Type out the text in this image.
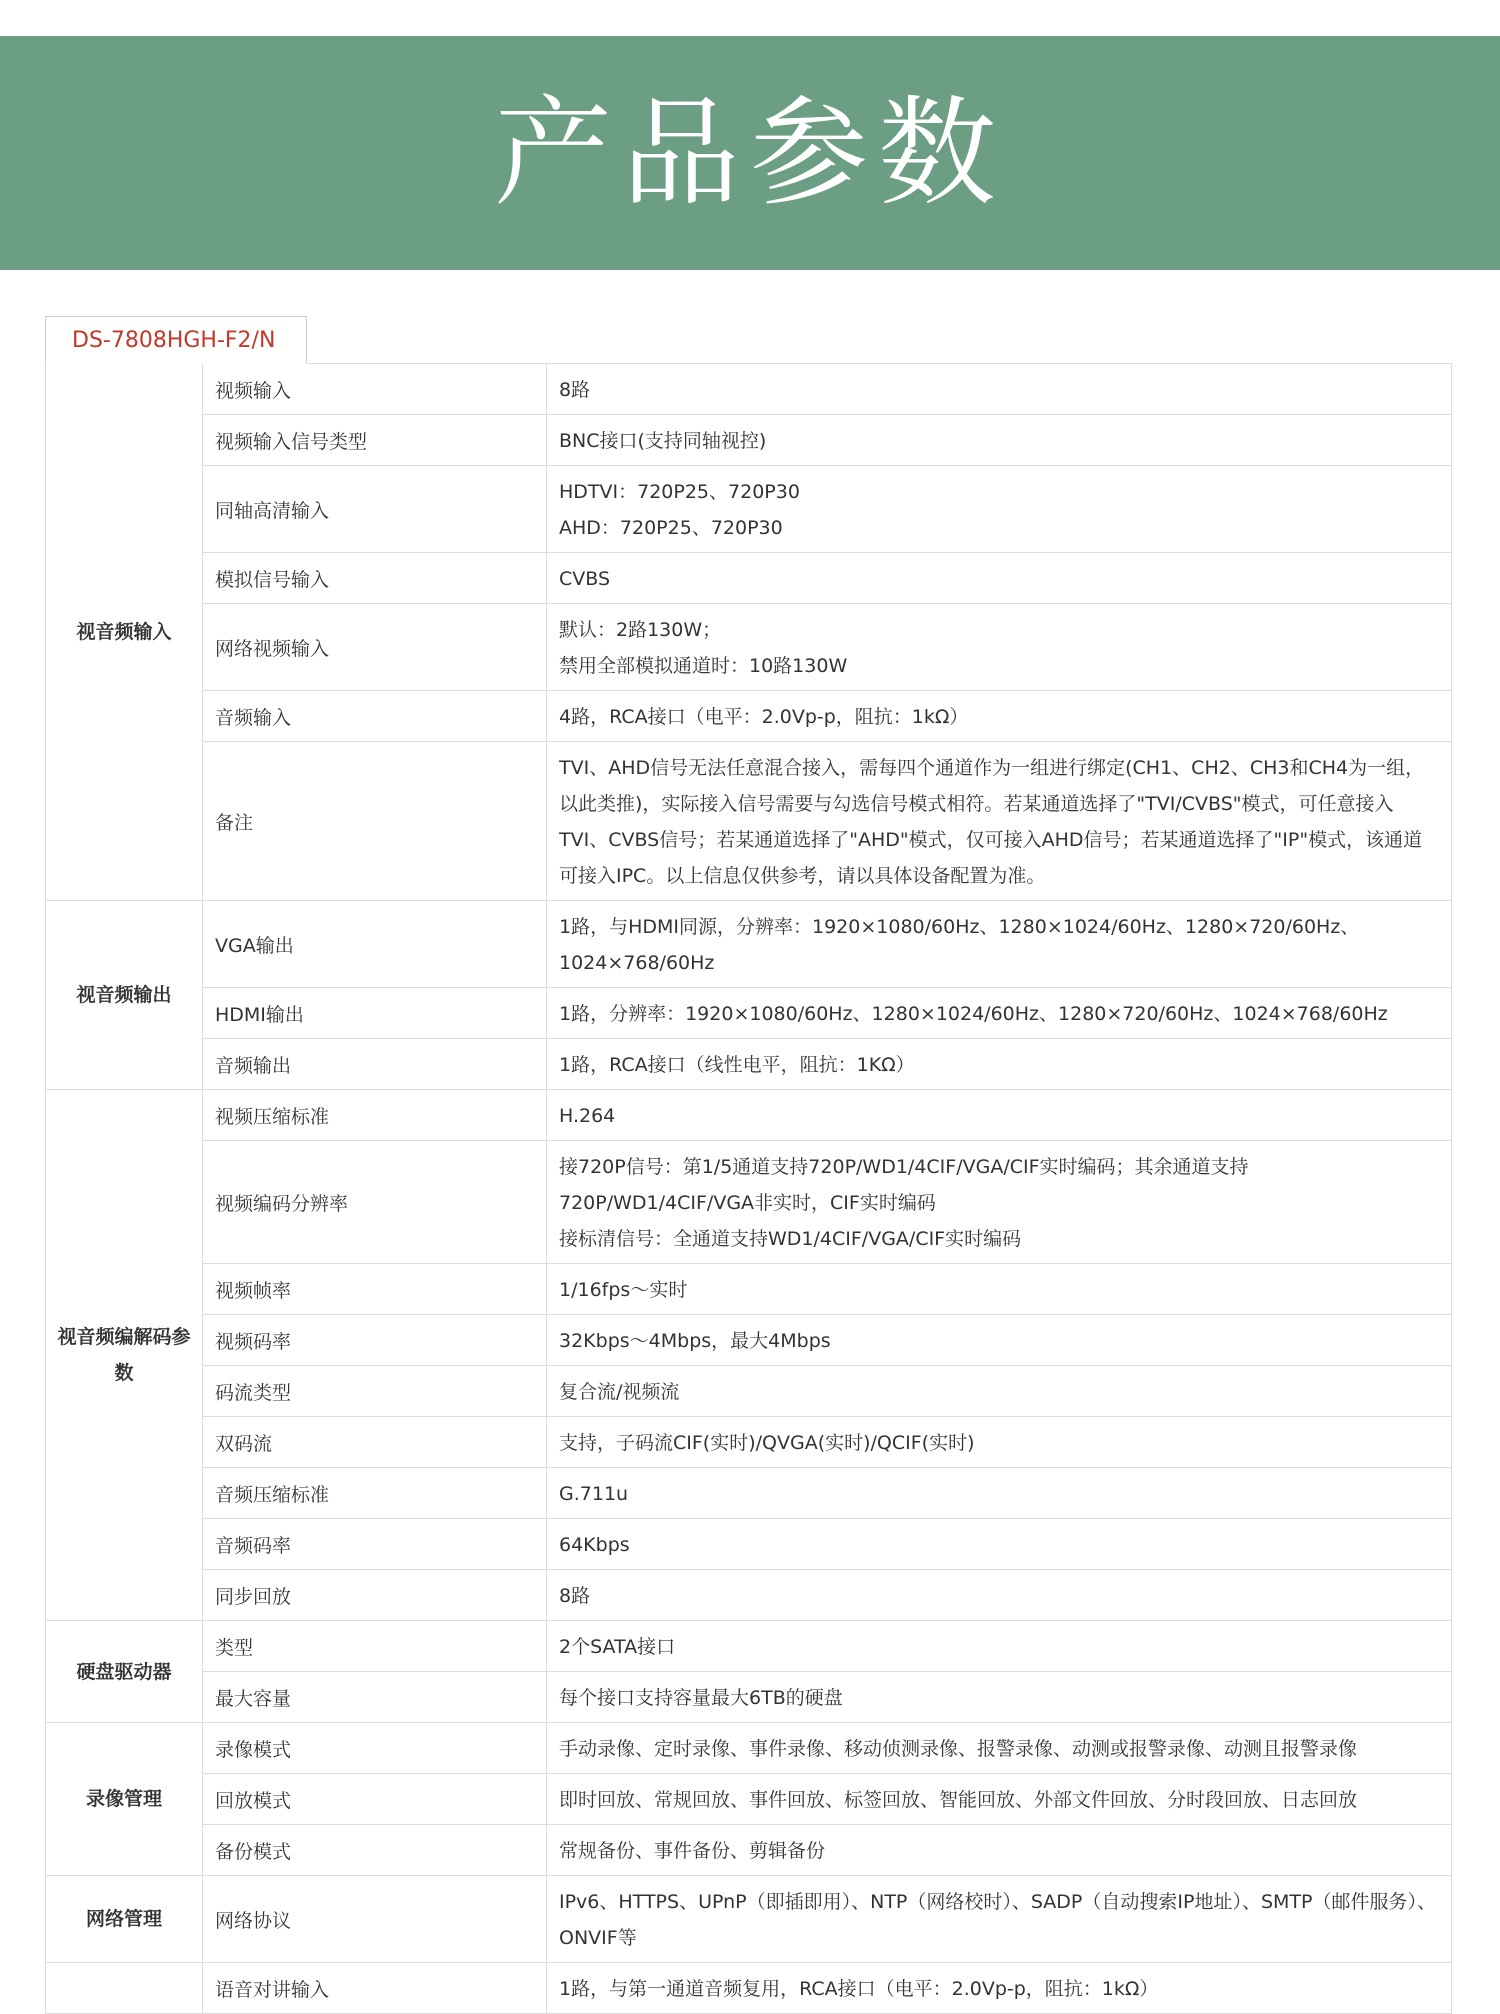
产品参数
DS-7808HGH-F2/N
视音频输入	视频输入	8路

	视频输入信号类型	BNC接口(支持同轴视控)

	同轴高清输入	HDTVI：720P25、720P30
AHD：720P25、720P30

	模拟信号输入	CVBS

	网络视频输入	默认：2路130W；
禁用全部模拟通道时：10路130W

	音频输入	4路，RCA接口（电平：2.0Vp-p，阻抗：1kΩ）

	备注	TVI、AHD信号无法任意混合接入，需每四个通道作为一组进行绑定(CH1、CH2、CH3和CH4为一组，以此类推)，实际接入信号需要与勾选信号模式相符。若某通道选择了"TVI/CVBS"模式，可任意接入TVI、CVBS信号；若某通道选择了"AHD"模式，仅可接入AHD信号；若某通道选择了"IP"模式，该通道可接入IPC。以上信息仅供参考，请以具体设备配置为准。

视音频输出	VGA输出	1路，与HDMI同源，分辨率：1920×1080/60Hz、1280×1024/60Hz、1280×720/60Hz、1024×768/60Hz

	HDMI输出	1路，分辨率：1920×1080/60Hz、1280×1024/60Hz、1280×720/60Hz、1024×768/60Hz

	音频输出	1路，RCA接口（线性电平，阻抗：1KΩ）

视音频编解码参数	视频压缩标准	H.264

	视频编码分辨率	接720P信号：第1/5通道支持720P/WD1/4CIF/VGA/CIF实时编码；其余通道支持720P/WD1/4CIF/VGA非实时，CIF实时编码
接标清信号：全通道支持WD1/4CIF/VGA/CIF实时编码

	视频帧率	1/16fps～实时

	视频码率	32Kbps～4Mbps，最大4Mbps

	码流类型	复合流/视频流

	双码流	支持，子码流CIF(实时)/QVGA(实时)/QCIF(实时)

	音频压缩标准	G.711u

	音频码率	64Kbps

	同步回放	8路

硬盘驱动器	类型	2个SATA接口

	最大容量	每个接口支持容量最大6TB的硬盘

录像管理	录像模式	手动录像、定时录像、事件录像、移动侦测录像、报警录像、动测或报警录像、动测且报警录像

	回放模式	即时回放、常规回放、事件回放、标签回放、智能回放、外部文件回放、分时段回放、日志回放

	备份模式	常规备份、事件备份、剪辑备份

网络管理	网络协议	IPv6、HTTPS、UPnP（即插即用）、NTP（网络校时）、SADP（自动搜索IP地址）、SMTP（邮件服务）、ONVIF等

	语音对讲输入	1路，与第一通道音频复用，RCA接口（电平：2.0Vp-p，阻抗：1kΩ）
